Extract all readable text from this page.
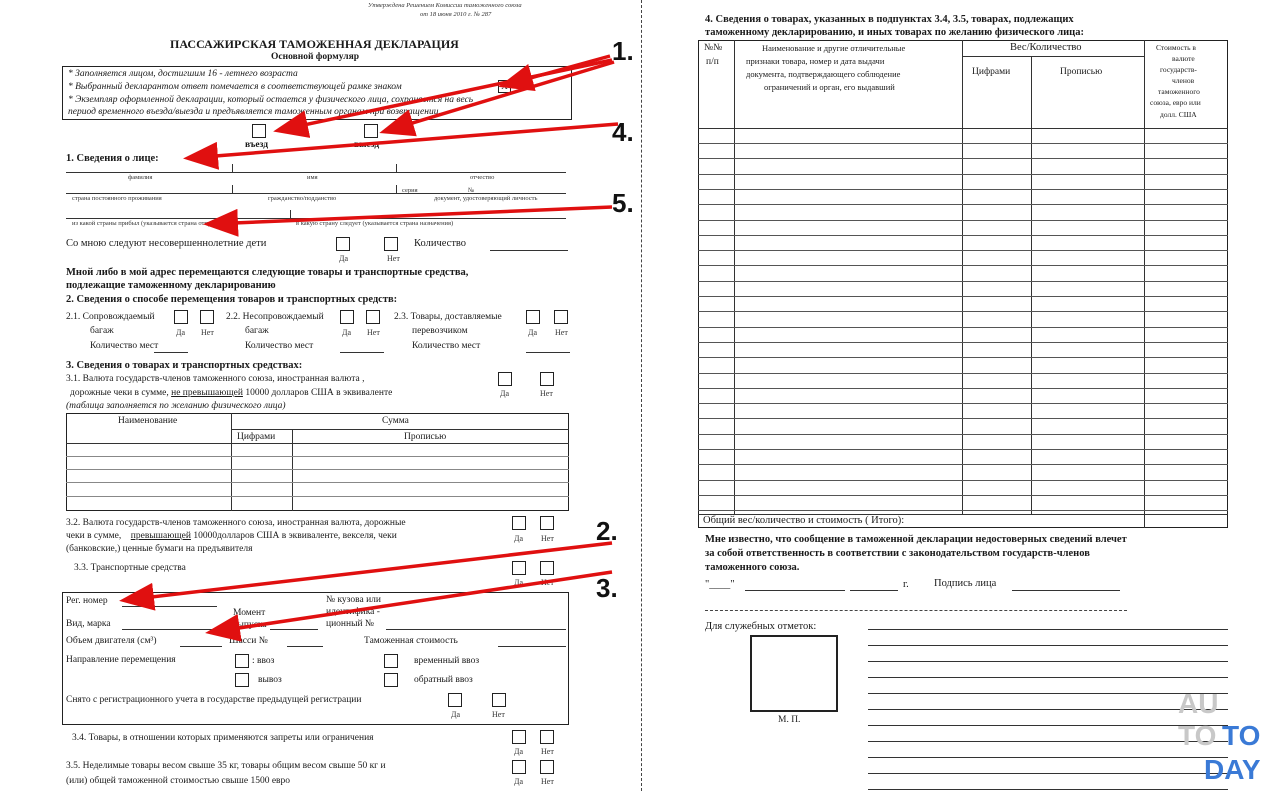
Утверждена Решением Комиссии таможенного союза
от 18 июня 2010 г. № 287
ПАССАЖИРСКАЯ ТАМОЖЕННАЯ ДЕКЛАРАЦИЯ
Основной формуляр
* Заполняется лицом, достигшим 16 - летнего возраста
* Выбранный декларантом ответ помечается в соответствующей рамке знаком	X
* Экземпляр оформленной декларации, который остается у физического лица, сохраняется на весь
период временного въезда/выезда и предъявляется таможенным органам при возвращении.
въезд	выезд
1. Сведения о лице:
фамилия	имя	отчество
страна постоянного проживания	гражданство/подданство
серия	№
документ, удостоверяющий личность
из какой страны прибыл (указывается страна отправления)	в какую страну следует (указывается страна назначения)
Со мною следуют несовершеннолетние дети
Да	Нет
Количество
Мной либо в мой адрес перемещаются следующие товары и транспортные средства,
подлежащие таможенному декларированию
2. Сведения о способе перемещения товаров и транспортных средств:
2.1. Сопровождаемый
багаж
Количество мест
Да Нет
2.2. Несопровождаемый
багаж
Количество мест
Да Нет
2.3. Товары, доставляемые
перевозчиком
Количество мест
Да Нет
3. Сведения о товарах и транспортных средствах:
3.1. Валюта государств-членов таможенного союза, иностранная валюта ,
дорожные чеки в сумме, не превышающей 10000 долларов США в эквиваленте
(таблица заполняется по желанию физического лица)
Да	Нет
Наименование	Сумма
Цифрами	Прописью
3.2. Валюта государств-членов таможенного союза, иностранная валюта, дорожные
чеки в сумме, превышающей 10000долларов США в эквиваленте, векселя, чеки
(банковские,) ценные бумаги на предъявителя
Да Нет
3.3. Транспортные средства
Да Нет
Рег. номер	№ кузова или
Момент	идентифика -
Вид, марка	выпуска	ционный №
Объем двигателя (см³)	Шасси №	Таможенная стоимость
Направление перемещения	: ввоз
вывоз
временный ввоз
обратный ввоз
Снято с регистрационного учета в государстве предыдущей регистрации
Да	Нет
3.4. Товары, в отношении которых применяются запреты или ограничения
Да Нет
3.5. Неделимые товары весом свыше 35 кг, товары общим весом свыше 50 кг и
(или) общей таможенной стоимостью свыше 1500 евро	Да Нет
4. Сведения о товарах, указанных в подпунктах 3.4, 3.5, товарах, подлежащих
таможенному декларированию, и иных товарах по желанию физического лица:
№№
п/п
Наименование и другие отличительные
признаки товара, номер и дата выдачи
документа, подтверждающего соблюдение
ограничений и орган, его выдавший
Вес/Количество
Цифрами	Прописью
Стоимость в
валюте
государств-
членов
таможенного
союза, евро или
долл. США
Общий вес/количество и стоимость ( Итого):
Мне известно, что сообщение в таможенной декларации недостоверных сведений влечет
за собой ответственность в соответствии с законодательством государств-членов
таможенного союза.
"____"	г. Подпись лица
Для служебных отметок:
М. П.
1.
4.
5.
2.
3.
AU
TO TO
DAY
